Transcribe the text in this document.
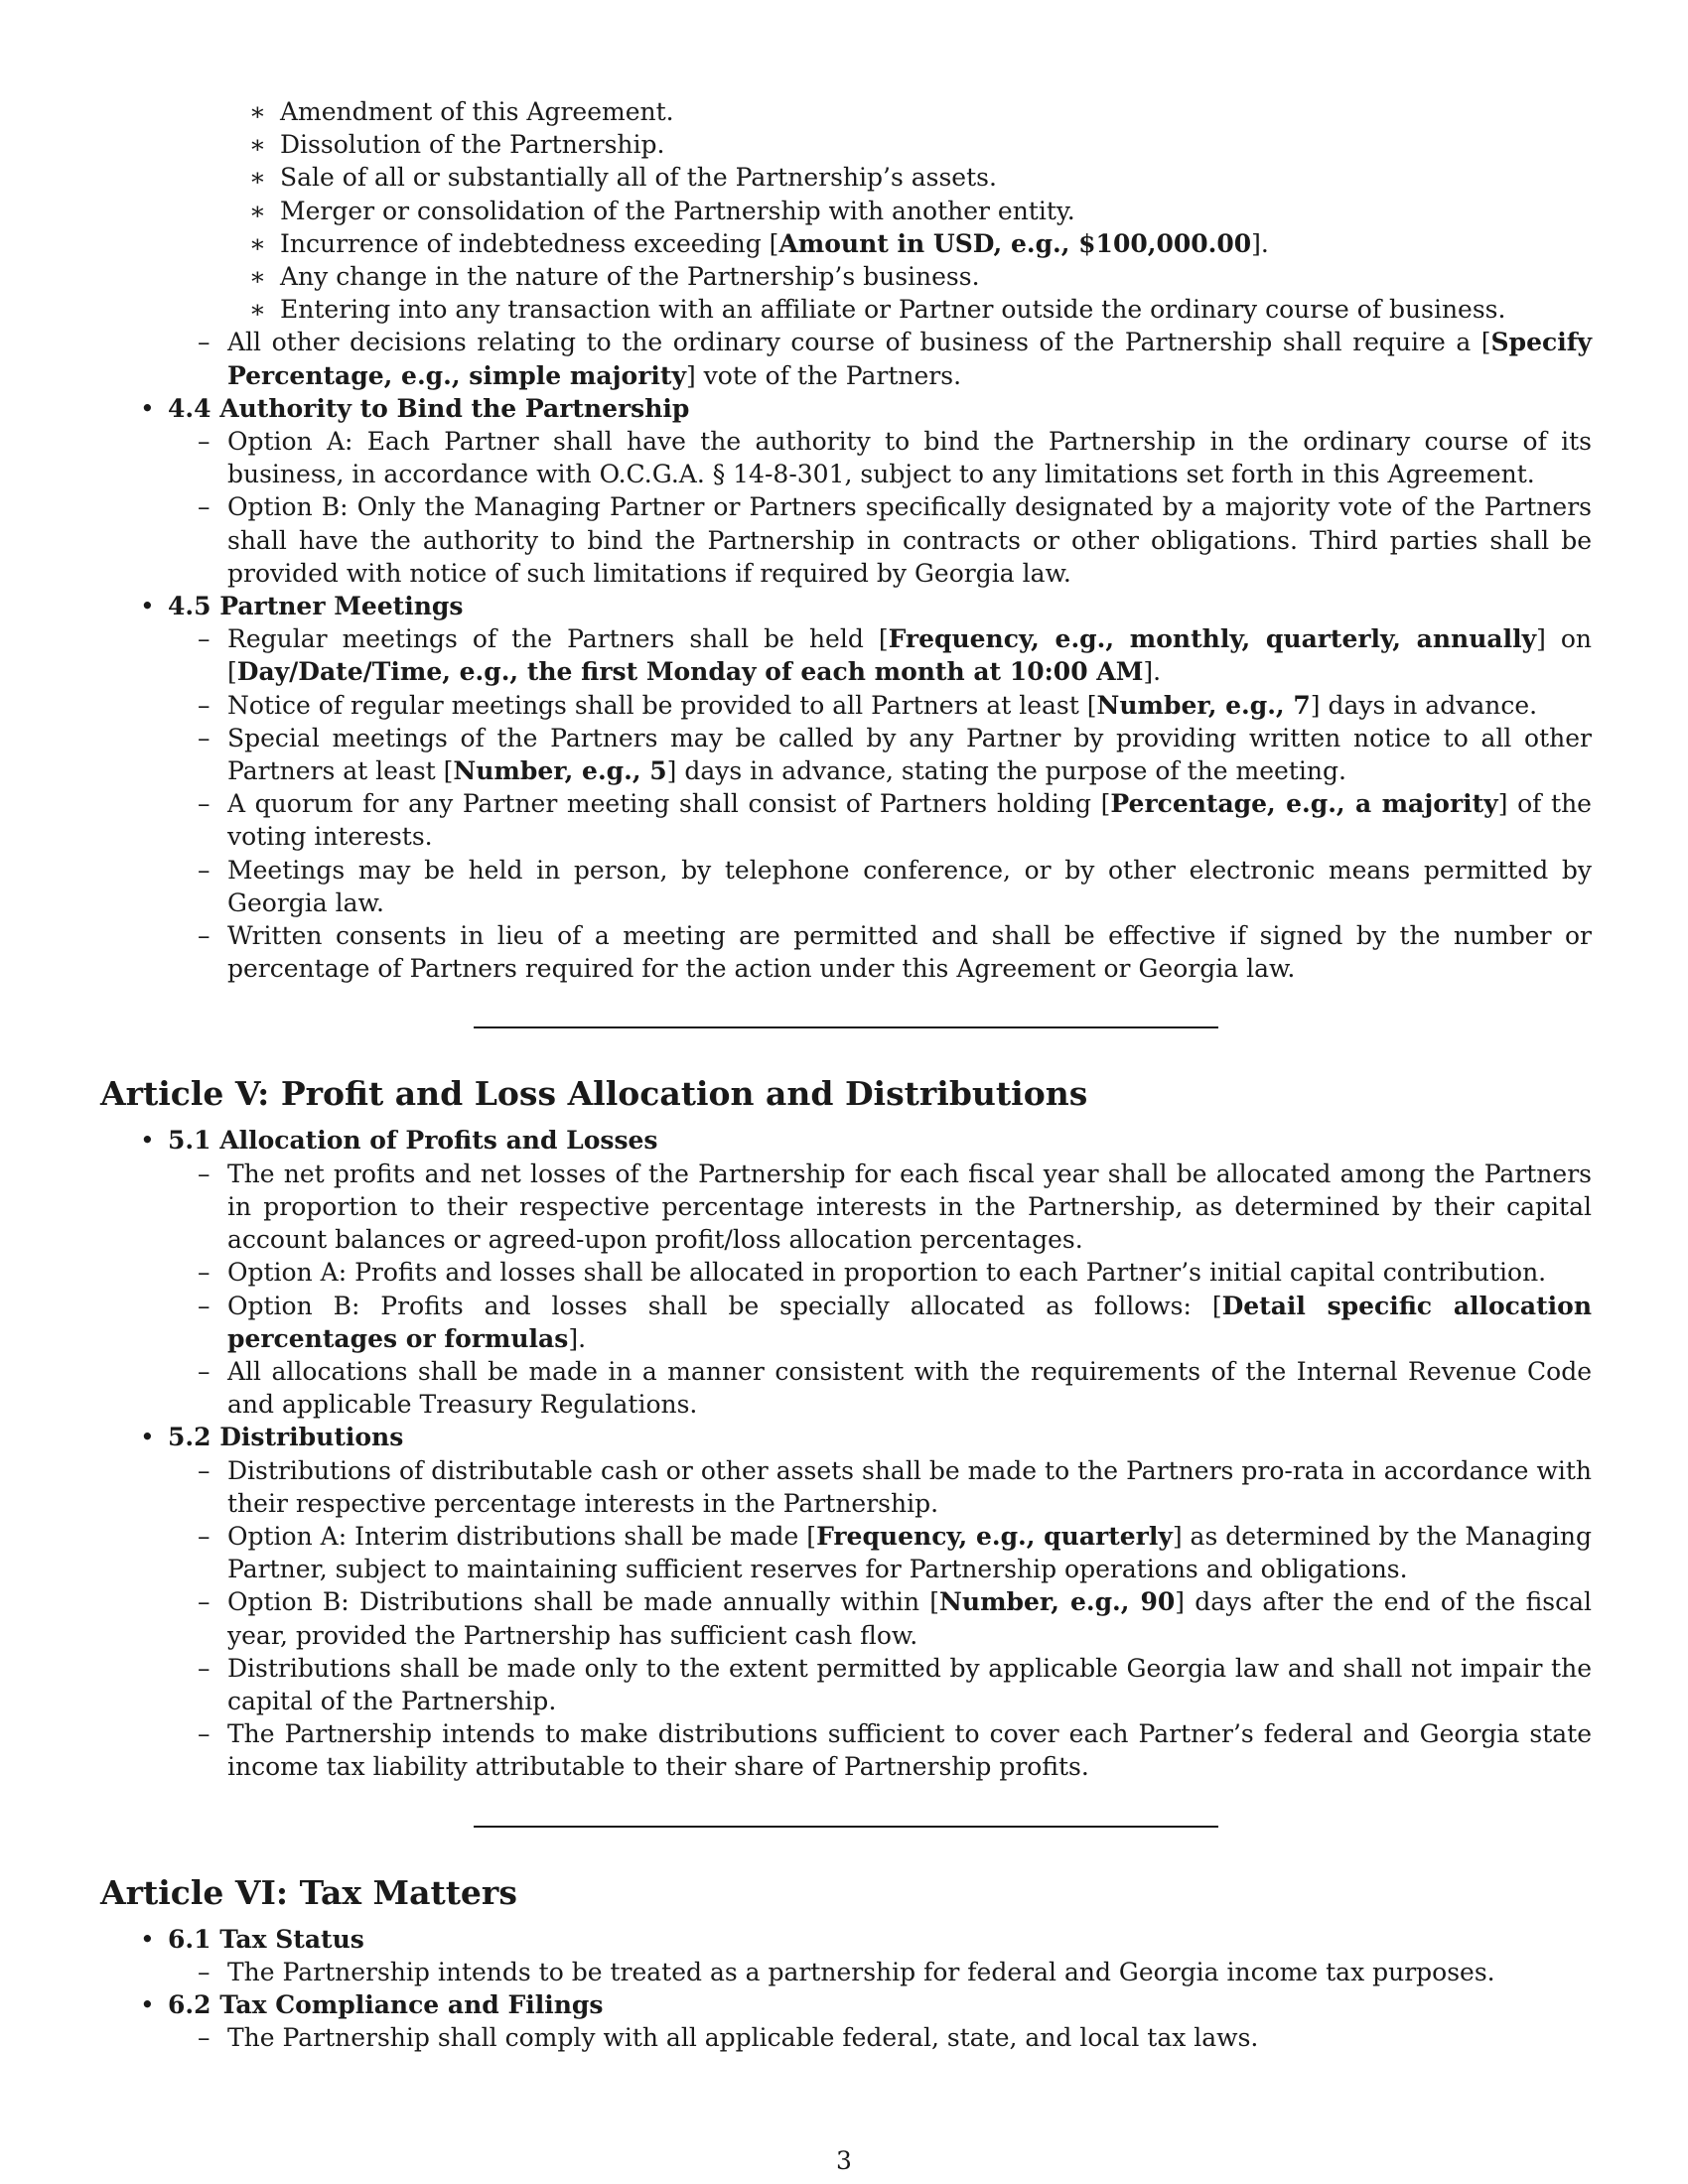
∗ Amendment of this Agreement.
∗ Dissolution of the Partnership.
∗ Sale of all or substantially all of the Partnership’s assets.
∗ Merger or consolidation of the Partnership with another entity.
∗ Incurrence of indebtedness exceeding [Amount in USD, e.g., $100,000.00].
∗ Any change in the nature of the Partnership’s business.
∗ Entering into any transaction with an affiliate or Partner outside the ordinary course of business.
– All other decisions relating to the ordinary course of business of the Partnership shall require a [Specify Percentage, e.g., simple majority] vote of the Partners.
• 4.4 Authority to Bind the Partnership
– Option A: Each Partner shall have the authority to bind the Partnership in the ordinary course of its business, in accordance with O.C.G.A. § 14-8-301, subject to any limitations set forth in this Agreement.
– Option B: Only the Managing Partner or Partners specifically designated by a majority vote of the Partners shall have the authority to bind the Partnership in contracts or other obligations. Third parties shall be provided with notice of such limitations if required by Georgia law.
• 4.5 Partner Meetings
– Regular meetings of the Partners shall be held [Frequency, e.g., monthly, quarterly, annually] on [Day/Date/Time, e.g., the first Monday of each month at 10:00 AM].
– Notice of regular meetings shall be provided to all Partners at least [Number, e.g., 7] days in advance.
– Special meetings of the Partners may be called by any Partner by providing written notice to all other Partners at least [Number, e.g., 5] days in advance, stating the purpose of the meeting.
– A quorum for any Partner meeting shall consist of Partners holding [Percentage, e.g., a majority] of the voting interests.
– Meetings may be held in person, by telephone conference, or by other electronic means permitted by Georgia law.
– Written consents in lieu of a meeting are permitted and shall be effective if signed by the number or percentage of Partners required for the action under this Agreement or Georgia law.
Article V: Profit and Loss Allocation and Distributions
• 5.1 Allocation of Profits and Losses
– The net profits and net losses of the Partnership for each fiscal year shall be allocated among the Partners in proportion to their respective percentage interests in the Partnership, as determined by their capital account balances or agreed-upon profit/loss allocation percentages.
– Option A: Profits and losses shall be allocated in proportion to each Partner’s initial capital contribution.
– Option B: Profits and losses shall be specially allocated as follows: [Detail specific allocation percentages or formulas].
– All allocations shall be made in a manner consistent with the requirements of the Internal Revenue Code and applicable Treasury Regulations.
• 5.2 Distributions
– Distributions of distributable cash or other assets shall be made to the Partners pro-rata in accordance with their respective percentage interests in the Partnership.
– Option A: Interim distributions shall be made [Frequency, e.g., quarterly] as determined by the Managing Partner, subject to maintaining sufficient reserves for Partnership operations and obligations.
– Option B: Distributions shall be made annually within [Number, e.g., 90] days after the end of the fiscal year, provided the Partnership has sufficient cash flow.
– Distributions shall be made only to the extent permitted by applicable Georgia law and shall not impair the capital of the Partnership.
– The Partnership intends to make distributions sufficient to cover each Partner’s federal and Georgia state income tax liability attributable to their share of Partnership profits.
Article VI: Tax Matters
• 6.1 Tax Status
– The Partnership intends to be treated as a partnership for federal and Georgia income tax purposes.
• 6.2 Tax Compliance and Filings
– The Partnership shall comply with all applicable federal, state, and local tax laws.
3
